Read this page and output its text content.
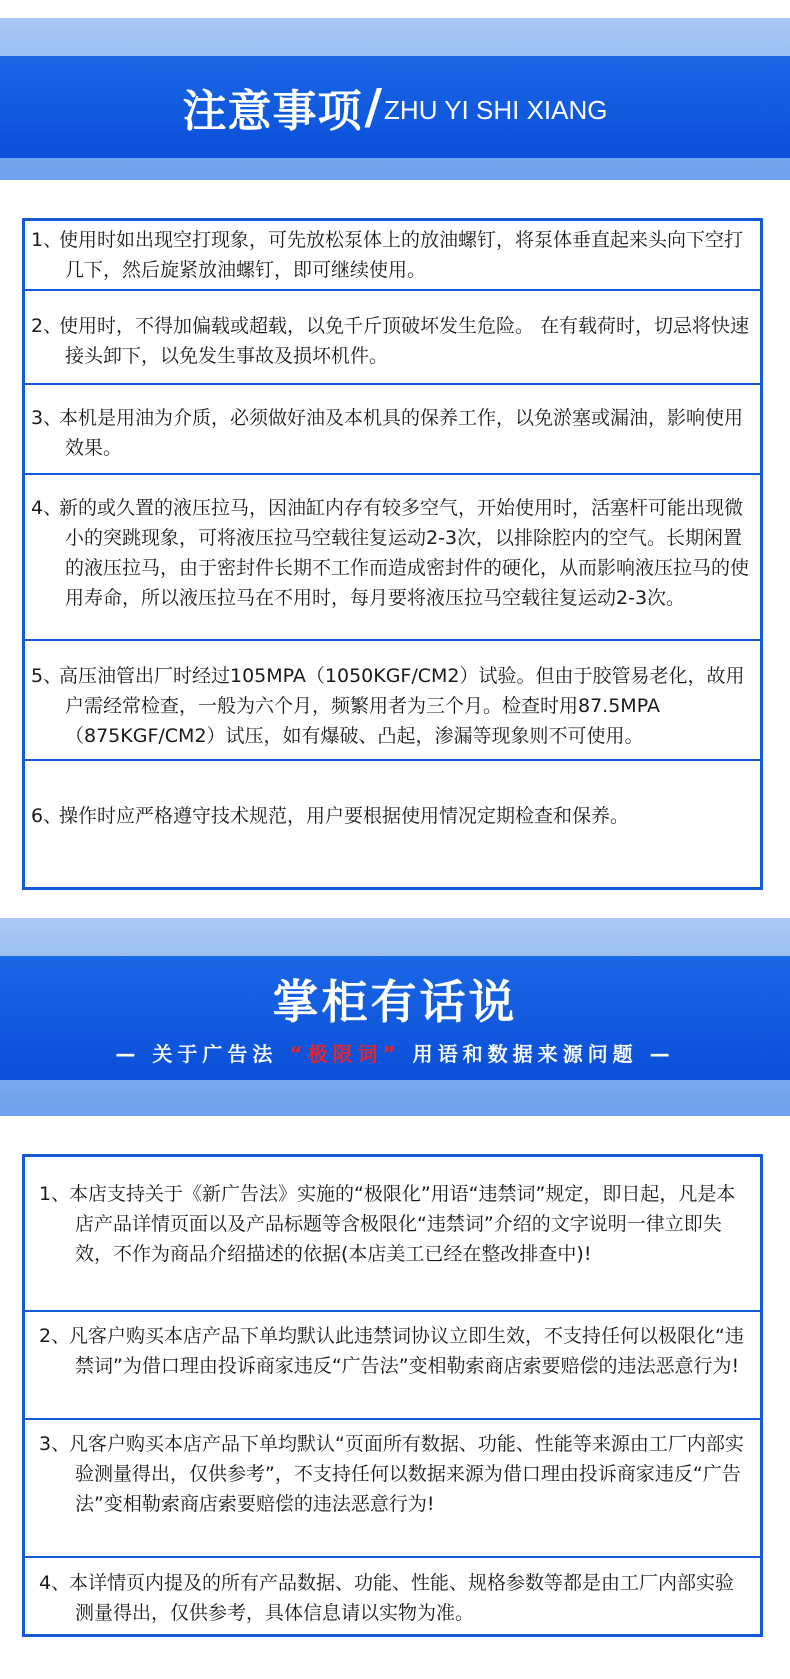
注意事项 / ZHU YI SHI XIANG
1、
使用时如出现空打现象，可先放松泵体上的放油螺钉，将泵体垂直起来头向下空打几下，然后旋紧放油螺钉，即可继续使用。
2、
使用时，不得加偏载或超载，以免千斤顶破坏发生危险。 在有载荷时，切忌将快速接头卸下，以免发生事故及损坏机件。
3、
本机是用油为介质，必须做好油及本机具的保养工作，以免淤塞或漏油，影响使用效果。
4、
新的或久置的液压拉马，因油缸内存有较多空气，开始使用时，活塞杆可能出现微小的突跳现象，可将液压拉马空载往复运动2-3次，以排除腔内的空气。长期闲置的液压拉马，由于密封件长期不工作而造成密封件的硬化，从而影响液压拉马的使用寿命，所以液压拉马在不用时，每月要将液压拉马空载往复运动2-3次。
5、
高压油管出厂时经过105MPA（1050KGF/CM2）试验。但由于胶管易老化，故用户需经常检查，一般为六个月，频繁用者为三个月。检查时用87.5MPA（875KGF/CM2）试压，如有爆破、凸起，渗漏等现象则不可使用。
6、
操作时应严格遵守技术规范，用户要根据使用情况定期检查和保养。
掌柜有话说
— 关于广告法 “极限词” 用语和数据来源问题 —
1、
本店支持关于《新广告法》实施的“极限化”用语“违禁词”规定，即日起，凡是本店产品详情页面以及产品标题等含极限化“违禁词”介绍的文字说明一律立即失效，不作为商品介绍描述的依据(本店美工已经在整改排查中)!
2、
凡客户购买本店产品下单均默认此违禁词协议立即生效，不支持任何以极限化“违禁词”为借口理由投诉商家违反“广告法”变相勒索商店索要赔偿的违法恶意行为!
3、
凡客户购买本店产品下单均默认“页面所有数据、功能、性能等来源由工厂内部实验测量得出，仅供参考”，不支持任何以数据来源为借口理由投诉商家违反“广告法”变相勒索商店索要赔偿的违法恶意行为!
4、
本详情页内提及的所有产品数据、功能、性能、规格参数等都是由工厂内部实验测量得出，仅供参考，具体信息请以实物为准。
